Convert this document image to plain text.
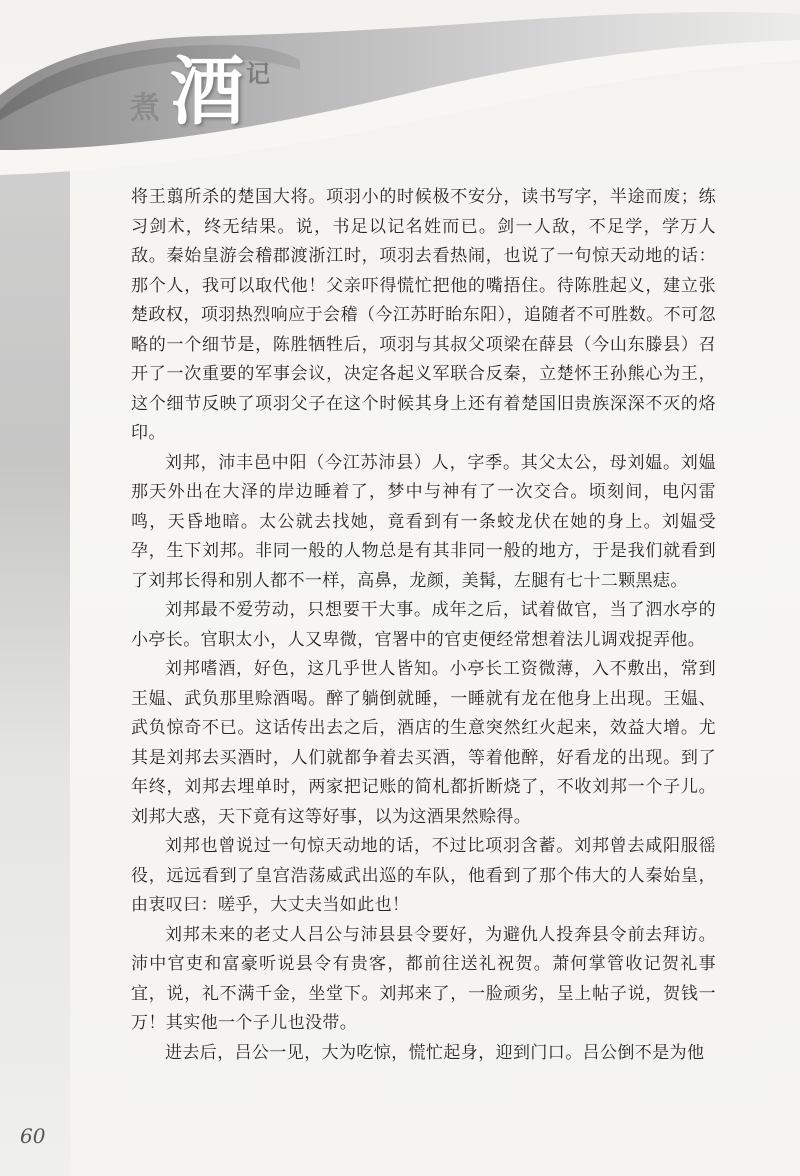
煮 酒 记

将王翦所杀的楚国大将。项羽小的时候极不安分，读书写字，半途而废；练习剑术，终无结果。说，书足以记名姓而已。剑一人敌，不足学，学万人敌。秦始皇游会稽郡渡浙江时，项羽去看热闹，也说了一句惊天动地的话：那个人，我可以取代他！父亲吓得慌忙把他的嘴捂住。待陈胜起义，建立张楚政权，项羽热烈响应于会稽（今江苏盱眙东阳），追随者不可胜数。不可忽略的一个细节是，陈胜牺牲后，项羽与其叔父项梁在薛县（今山东滕县）召开了一次重要的军事会议，决定各起义军联合反秦，立楚怀王孙熊心为王，这个细节反映了项羽父子在这个时候其身上还有着楚国旧贵族深深不灭的烙印。

刘邦，沛丰邑中阳（今江苏沛县）人，字季。其父太公，母刘媪。刘媪那天外出在大泽的岸边睡着了，梦中与神有了一次交合。顷刻间，电闪雷鸣，天昏地暗。太公就去找她，竟看到有一条蛟龙伏在她的身上。刘媪受孕，生下刘邦。非同一般的人物总是有其非同一般的地方，于是我们就看到了刘邦长得和别人都不一样，高鼻，龙颜，美髯，左腿有七十二颗黑痣。

刘邦最不爱劳动，只想要干大事。成年之后，试着做官，当了泗水亭的小亭长。官职太小，人又卑微，官署中的官吏便经常想着法儿调戏捉弄他。

刘邦嗜酒，好色，这几乎世人皆知。小亭长工资微薄，入不敷出，常到王媪、武负那里赊酒喝。醉了躺倒就睡，一睡就有龙在他身上出现。王媪、武负惊奇不已。这话传出去之后，酒店的生意突然红火起来，效益大增。尤其是刘邦去买酒时，人们就都争着去买酒，等着他醉，好看龙的出现。到了年终，刘邦去埋单时，两家把记账的简札都折断烧了，不收刘邦一个子儿。刘邦大惑，天下竟有这等好事，以为这酒果然赊得。

刘邦也曾说过一句惊天动地的话，不过比项羽含蓄。刘邦曾去咸阳服徭役，远远看到了皇宫浩荡威武出巡的车队，他看到了那个伟大的人秦始皇，由衷叹曰：嗟乎，大丈夫当如此也！

刘邦未来的老丈人吕公与沛县县令要好，为避仇人投奔县令前去拜访。沛中官吏和富豪听说县令有贵客，都前往送礼祝贺。萧何掌管收记贺礼事宜，说，礼不满千金，坐堂下。刘邦来了，一脸顽劣，呈上帖子说，贺钱一万！其实他一个子儿也没带。

进去后，吕公一见，大为吃惊，慌忙起身，迎到门口。吕公倒不是为他

60
